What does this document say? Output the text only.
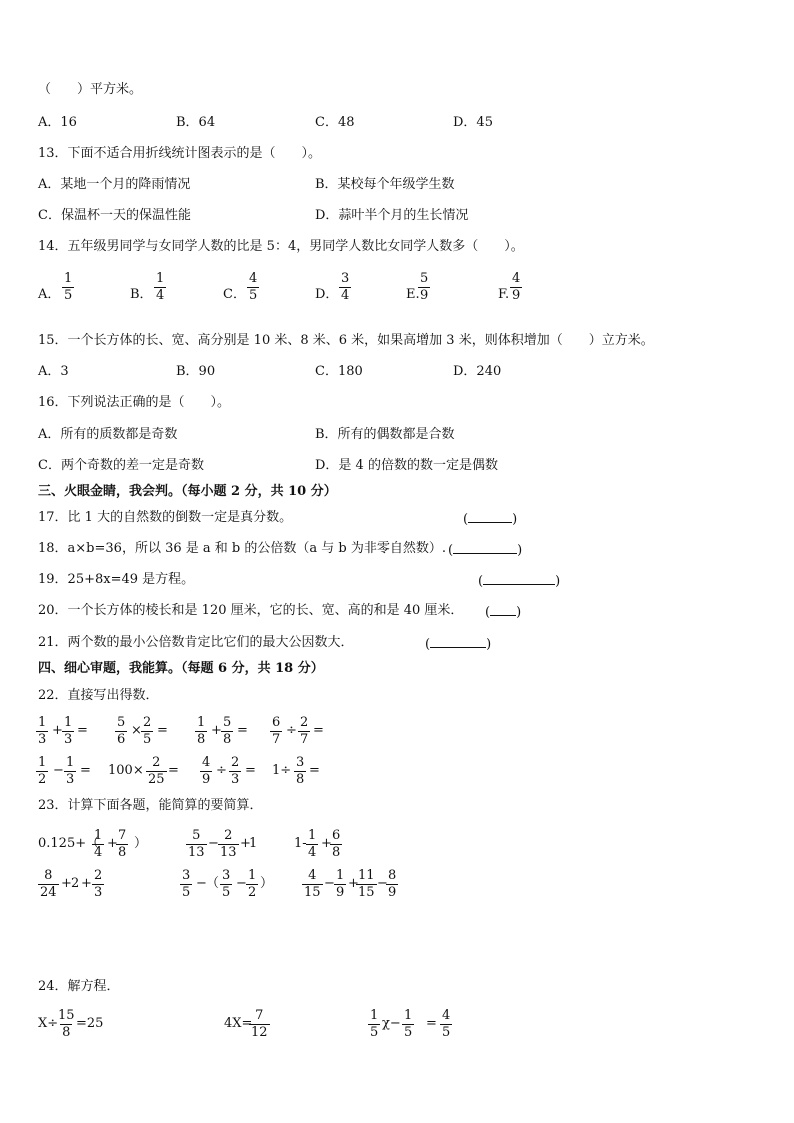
（　　）平方米。
A．16	B．64	C．48	D．45
13．下面不适合用折线统计图表示的是（　　）。
A．某地一个月的降雨情况	B．某校每个年级学生数
C．保温杯一天的保温性能	D．蒜叶半个月的生长情况
14．五年级男同学与女同学人数的比是 5：4，男同学人数比女同学人数多（　　）。
A． $\frac{1}{5}$	B． $\frac{1}{4}$	C． $\frac{4}{5}$	D． $\frac{3}{4}$	E.
$\frac{5}{9}$	F. $\frac{4}{9}$
15．一个长方体的长、宽、高分别是 10 米、8 米、6 米，如果高增加 3 米，则体积增加（　　）立方米。
A．3	B．90	C．180	D．240
16．下列说法正确的是（　　）。
A．所有的质数都是奇数	B．所有的偶数都是合数
C．两个奇数的差一定是奇数	D．是 4 的倍数的数一定是偶数
三、火眼金睛，我会判。（每小题 2 分，共 10 分）
17．比 1 大的自然数的倒数一定是真分数。	(	)
18．a×b=36，所以 36 是 a 和 b 的公倍数（a 与 b 为非零自然数）. (	)
19．25+8x=49 是方程。	(	)
20．一个长方体的棱长和是 120 厘米，它的长、宽、高的和是 40 厘米． ( )
21．两个数的最小公倍数肯定比它们的最大公因数大．	(	)
四、细心审题，我能算。（每题 6 分，共 18 分）
22．直接写出得数．
$\frac{1}{3} + \frac{1}{3} = \frac{5}{6} \times \frac{2}{5} = \frac{1}{8} + \frac{5}{8} = \frac{6}{7} \div \frac{2}{7}$ =
$\frac{1}{2} - \frac{1}{3} = 100\times \frac{2}{25} = \frac{4}{9} \div \frac{2}{3} = 1\div \frac{3}{8}$ =
23．计算下面各题，能简算的要简算．
0.125+（
$\frac{1}{4}$ +
$\frac{7}{8}$ ）	$\frac{5}{13} - \frac{2}{13}$ +
1	$1- \frac{1}{4}$ +
$\frac{6}{8}$
$\frac{8}{24} + 2 + \frac{2}{3}$	$\frac{3}{5}$ − （ $\frac{3}{5} - \frac{1}{2}$ ） $\frac{4}{15} - \frac{1}{9}$ +
$\frac{11}{15}$ −
$\frac{8}{9}$
24．解方程．
X÷
$\frac{15}{8} =25$	4X=
$\frac{7}{12}$	$\frac{1}{5} \chi- \frac{1}{5} = \frac{4}{5}$
